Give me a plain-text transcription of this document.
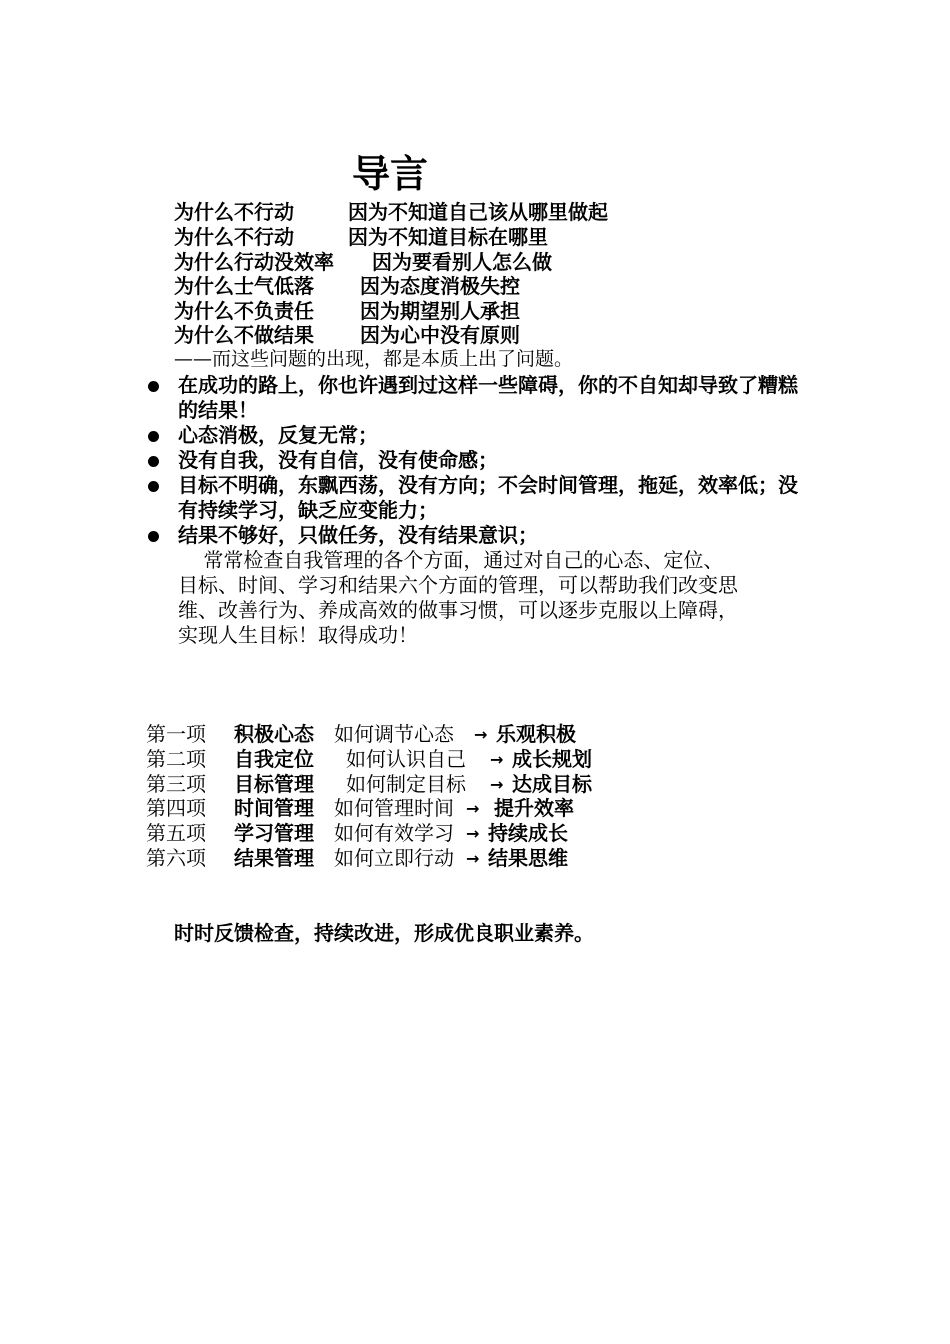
导言
为什么不行动	因为不知道自己该从哪里做起
为什么不行动	因为不知道目标在哪里
为什么行动没效率 因为要看别人怎么做
为什么士气低落 因为态度消极失控
为什么不负责任 因为期望别人承担
为什么不做结果 因为心中没有原则
——而这些问题的出现，都是本质上出了问题。
在成功的路上，你也许遇到过这样一些障碍，你的不自知却导致了糟糕的结果！
心态消极，反复无常；
没有自我，没有自信，没有使命感；
目标不明确，东飘西荡，没有方向；不会时间管理，拖延，效率低；没有持续学习，缺乏应变能力；
结果不够好，只做任务，没有结果意识；
常常检查自我管理的各个方面，通过对自己的心态、定位、
目标、时间、学习和结果六个方面的管理，可以帮助我们改变思
维、改善行为、养成高效的做事习惯，可以逐步克服以上障碍，
实现人生目标！取得成功！
第一项 积极心态 如何调节心态 → 乐观积极
第二项 自我定位 如何认识自己 → 成长规划
第三项 目标管理 如何制定目标 → 达成目标
第四项 时间管理 如何管理时间 → 提升效率
第五项 学习管理 如何有效学习 → 持续成长
第六项 结果管理 如何立即行动 → 结果思维
时时反馈检查，持续改进，形成优良职业素养。
